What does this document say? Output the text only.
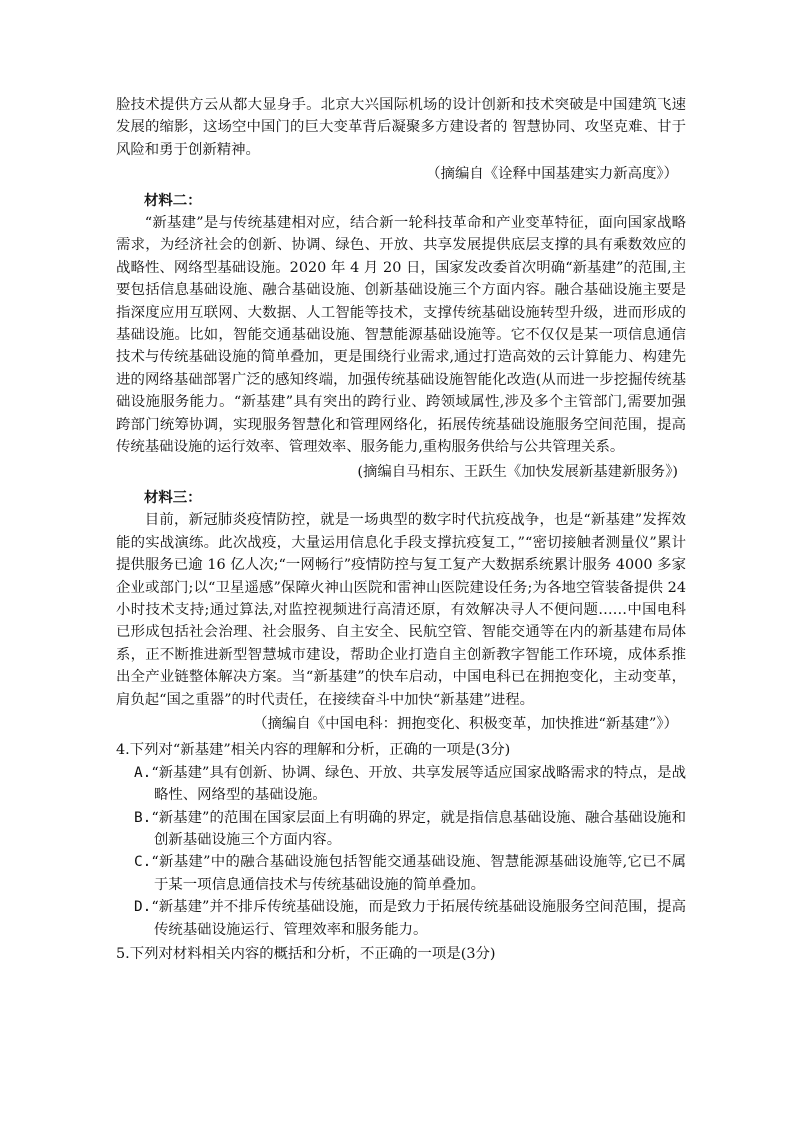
脸技术提供方云从都大显身手。北京大兴国际机场的设计创新和技术突破是中国建筑飞速发展的缩影，这场空中国门的巨大变革背后凝聚多方建设者的 智慧协同、攻坚克难、甘于风险和勇于创新精神。

（摘编自《诠释中国基建实力新高度》）

材料二：

“新基建”是与传统基建相对应，结合新一轮科技革命和产业变革特征，面向国家战略需求，为经济社会的创新、协调、绿色、开放、共享发展提供底层支撑的具有乘数效应的战略性、网络型基础设施。2020 年 4 月 20 日，国家发改委首次明确“新基建”的范围,主要包括信息基础设施、融合基础设施、创新基础设施三个方面内容。融合基础设施主要是指深度应用互联网、大数据、人工智能等技术，支撑传统基础设施转型升级，进而形成的基础设施。比如，智能交通基础设施、智慧能源基础设施等。它不仅仅是某一项信息通信技术与传统基础设施的简单叠加，更是围绕行业需求,通过打造高效的云计算能力、构建先进的网络基础部署广泛的感知终端，加强传统基础设施智能化改造(从而进一步挖掘传统基础设施服务能力。“新基建”具有突出的跨行业、跨领域属性,涉及多个主管部门,需要加强跨部门统筹协调，实现服务智慧化和管理网络化，拓展传统基础设施服务空间范围，提高传统基础设施的运行效率、管理效率、服务能力,重构服务供给与公共管理关系。

(摘编自马相东、王跃生《加快发展新基建新服务》)

材料三：

目前，新冠肺炎疫情防控，就是一场典型的数字时代抗疫战争，也是“新基建”发挥效能的实战演练。此次战疫，大量运用信息化手段支撑抗疫复工，”“密切接触者测量仪”累计提供服务已逾 16 亿人次;“一网畅行”疫情防控与复工复产大数据系统累计服务 4000 多家企业或部门;以“卫星遥感”保障火神山医院和雷神山医院建设任务;为各地空管装备提供 24 小时技术支持;通过算法,对监控视频进行高清还原，有效解决寻人不便问题……中国电科已形成包括社会治理、社会服务、自主安全、民航空管、智能交通等在内的新基建布局体系，正不断推进新型智慧城市建设，帮助企业打造自主创新教字智能工作环境，成体系推出全产业链整体解决方案。当“新基建”的快车启动，中国电科已在拥抱变化，主动变革，肩负起“国之重器”的时代责任，在接续奋斗中加快“新基建”进程。

（摘编自《中国电科：拥抱变化、积极变革，加快推进“新基建”》）

4.下列对“新基建”相关内容的理解和分析，正确的一项是(3分)

A.“新基建”具有创新、协调、绿色、开放、共享发展等适应国家战略需求的特点，是战略性、网络型的基础设施。

B.“新基建”的范围在国家层面上有明确的界定，就是指信息基础设施、融合基础设施和创新基础设施三个方面内容。

C.“新基建”中的融合基础设施包括智能交通基础设施、智慧能源基础设施等,它已不属于某一项信息通信技术与传统基础设施的简单叠加。

D.“新基建”并不排斥传统基础设施，而是致力于拓展传统基础设施服务空间范围，提高传统基础设施运行、管理效率和服务能力。

5.下列对材料相关内容的概括和分析，不正确的一项是(3分)
